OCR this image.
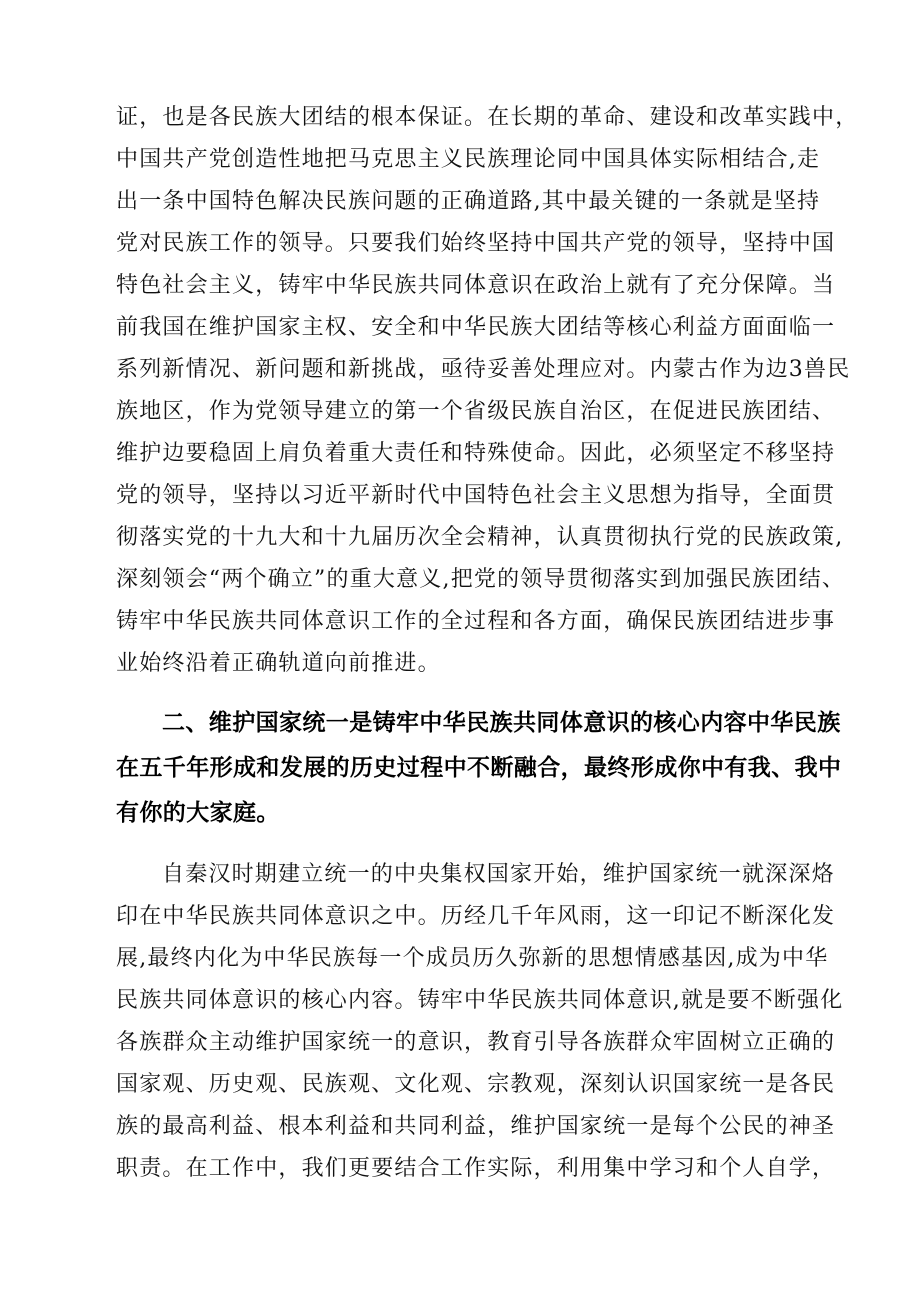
证，也是各民族大团结的根本保证。在长期的革命、建设和改革实践中，
中国共产党创造性地把马克思主义民族理论同中国具体实际相结合,走
出一条中国特色解决民族问题的正确道路,其中最关键的一条就是坚持
党对民族工作的领导。只要我们始终坚持中国共产党的领导，坚持中国
特色社会主义，铸牢中华民族共同体意识在政治上就有了充分保障。当
前我国在维护国家主权、安全和中华民族大团结等核心利益方面面临一
系列新情况、新问题和新挑战，亟待妥善处理应对。内蒙古作为边3兽民
族地区，作为党领导建立的第一个省级民族自治区，在促进民族团结、
维护边要稳固上肩负着重大责任和特殊使命。因此，必须坚定不移坚持
党的领导，坚持以习近平新时代中国特色社会主义思想为指导，全面贯
彻落实党的十九大和十九届历次全会精神，认真贯彻执行党的民族政策,
深刻领会“两个确立”的重大意义,把党的领导贯彻落实到加强民族团结、
铸牢中华民族共同体意识工作的全过程和各方面，确保民族团结进步事
业始终沿着正确轨道向前推进。
二、维护国家统一是铸牢中华民族共同体意识的核心内容中华民族
在五千年形成和发展的历史过程中不断融合，最终形成你中有我、我中
有你的大家庭。
自秦汉时期建立统一的中央集权国家开始，维护国家统一就深深烙
印在中华民族共同体意识之中。历经几千年风雨，这一印记不断深化发
展,最终内化为中华民族每一个成员历久弥新的思想情感基因,成为中华
民族共同体意识的核心内容。铸牢中华民族共同体意识,就是要不断强化
各族群众主动维护国家统一的意识，教育引导各族群众牢固树立正确的
国家观、历史观、民族观、文化观、宗教观，深刻认识国家统一是各民
族的最高利益、根本利益和共同利益，维护国家统一是每个公民的神圣
职责。在工作中，我们更要结合工作实际，利用集中学习和个人自学，
